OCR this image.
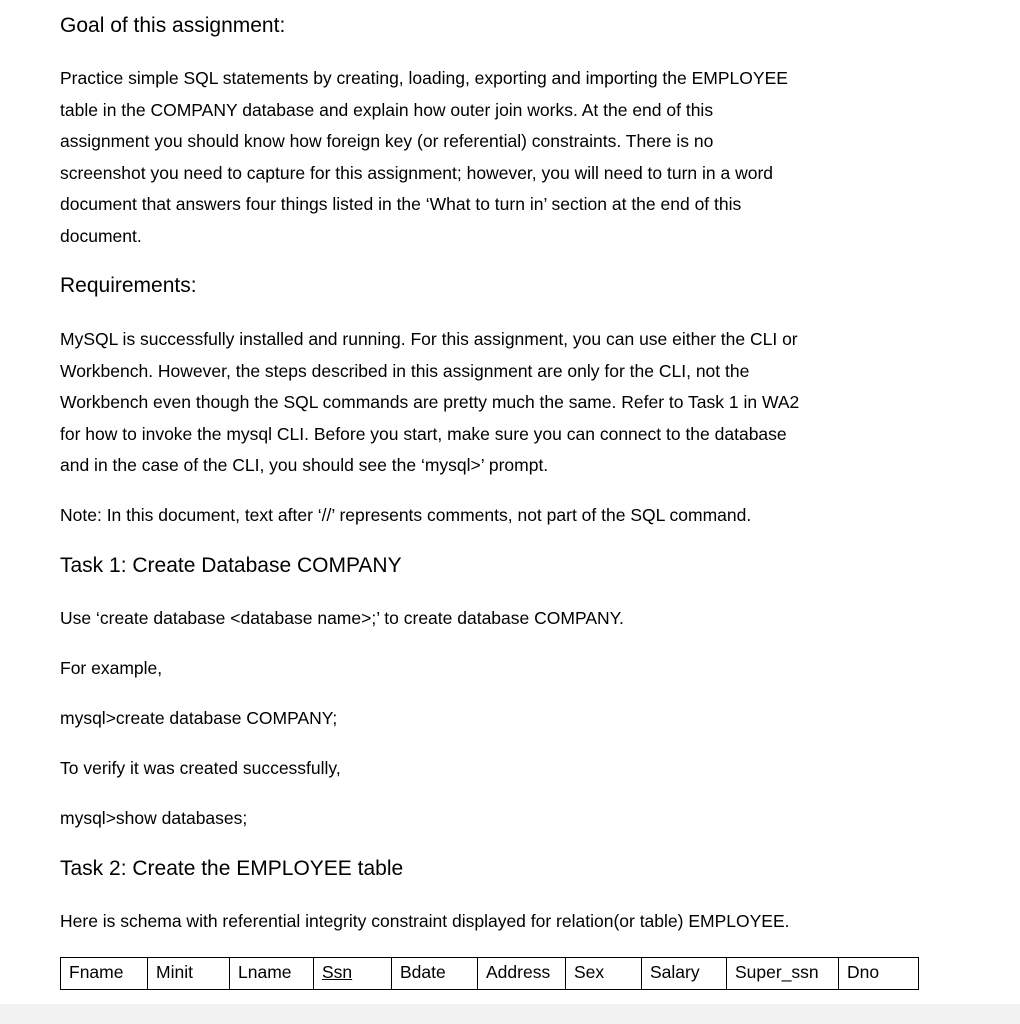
Goal of this assignment:
Practice simple SQL statements by creating, loading, exporting and importing the EMPLOYEE
table in the COMPANY database and explain how outer join works. At the end of this
assignment you should know how foreign key (or referential) constraints. There is no
screenshot you need to capture for this assignment; however, you will need to turn in a word
document that answers four things listed in the ‘What to turn in’ section at the end of this
document.
Requirements:
MySQL is successfully installed and running. For this assignment, you can use either the CLI or
Workbench. However, the steps described in this assignment are only for the CLI, not the
Workbench even though the SQL commands are pretty much the same. Refer to Task 1 in WA2
for how to invoke the mysql CLI. Before you start, make sure you can connect to the database
and in the case of the CLI, you should see the ‘mysql>’ prompt.
Note: In this document, text after ‘//’ represents comments, not part of the SQL command.
Task 1: Create Database COMPANY
Use ‘create database <database name>;’ to create database COMPANY.
For example,
mysql>create database COMPANY;
To verify it was created successfully,
mysql>show databases;
Task 2: Create the EMPLOYEE table
Here is schema with referential integrity constraint displayed for relation(or table) EMPLOYEE.
Fname	Minit	Lname	Ssn	Bdate	Address	Sex	Salary	Super_ssn	Dno
